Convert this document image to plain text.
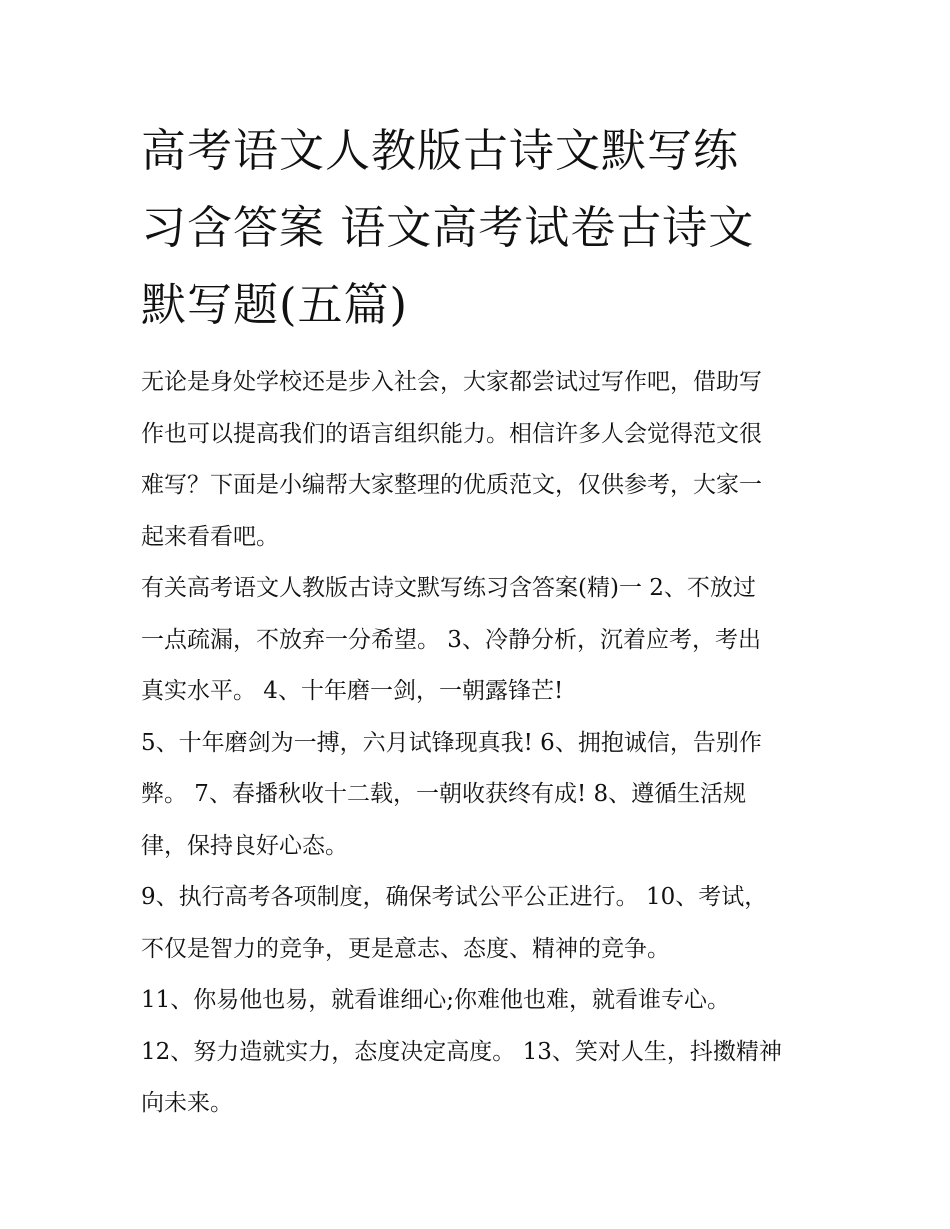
高考语文人教版古诗文默写练
习含答案 语文高考试卷古诗文
默写题(五篇)

无论是身处学校还是步入社会，大家都尝试过写作吧，借助写
作也可以提高我们的语言组织能力。相信许多人会觉得范文很
难写？下面是小编帮大家整理的优质范文，仅供参考，大家一
起来看看吧。

有关高考语文人教版古诗文默写练习含答案(精)一 2、不放过
一点疏漏，不放弃一分希望。 3、冷静分析，沉着应考，考出
真实水平。 4、十年磨一剑，一朝露锋芒!

5、十年磨剑为一搏，六月试锋现真我! 6、拥抱诚信，告别作
弊。 7、春播秋收十二载，一朝收获终有成! 8、遵循生活规
律，保持良好心态。

9、执行高考各项制度，确保考试公平公正进行。 10、考试，
不仅是智力的竞争，更是意志、态度、精神的竞争。

11、你易他也易，就看谁细心;你难他也难，就看谁专心。

12、努力造就实力，态度决定高度。 13、笑对人生，抖擞精神
向未来。
